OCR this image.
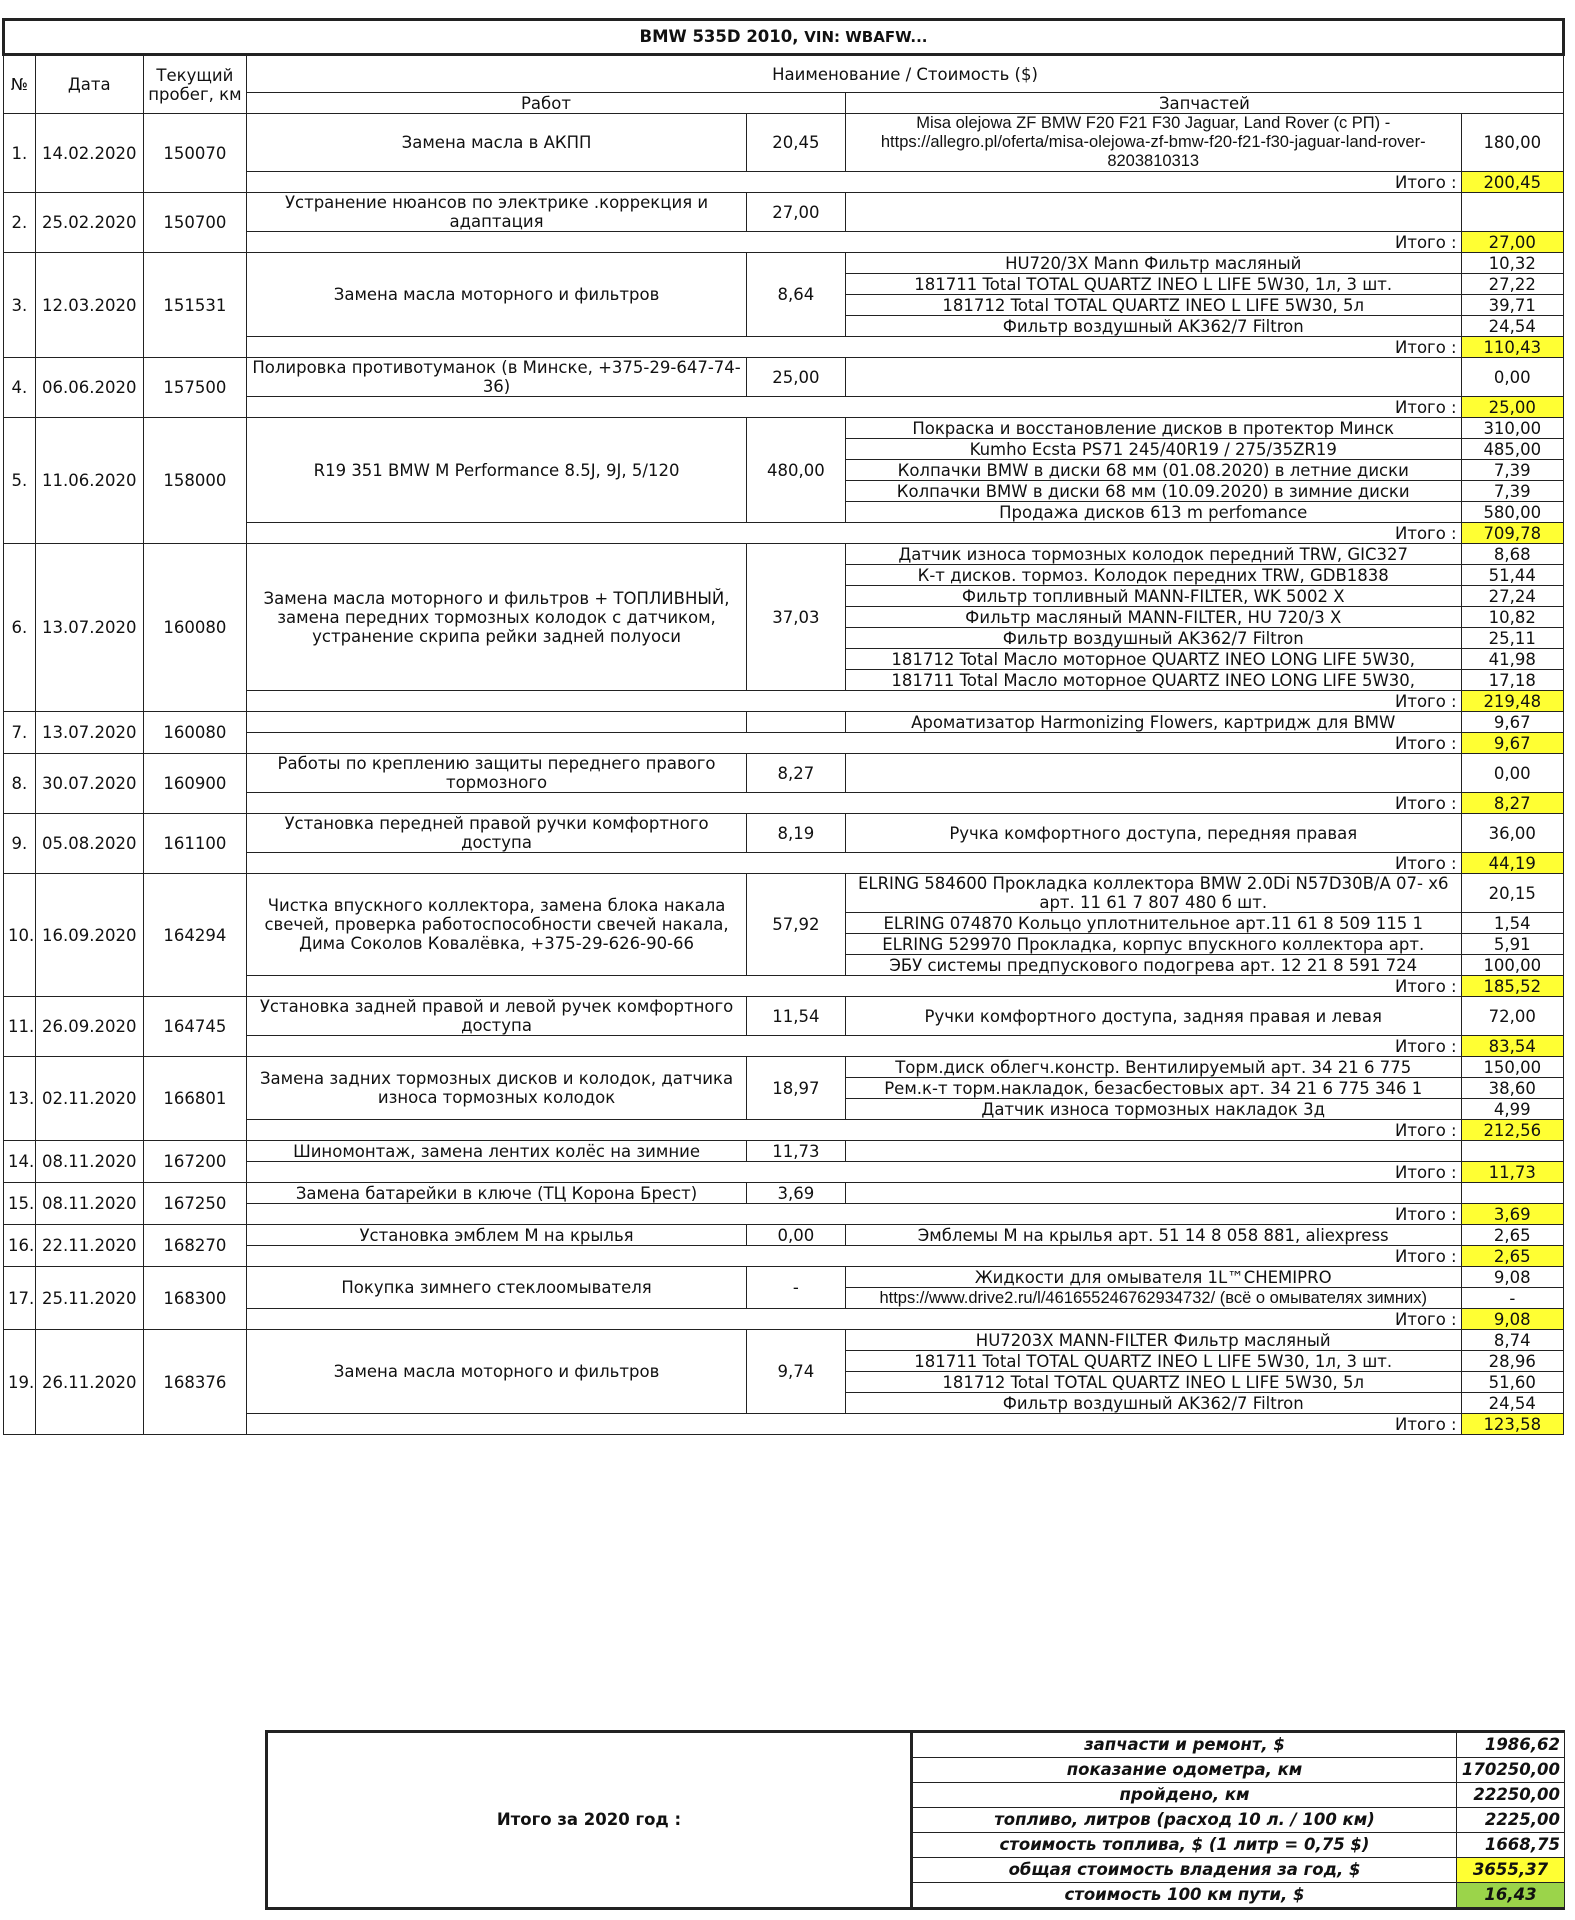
BMW 535D 2010, VIN: WBAFW...						
№	Дата	Текущий пробег, км	Наименование / Стоимость ($)			
			Работ		Запчастей	
1.	14.02.2020	150070	Замена масла в АКПП	20,45	Misa olejowa ZF BMW F20 F21 F30 Jaguar, Land Rover (с РП) - https://allegro.pl/oferta/misa-olejowa-zf-bmw-f20-f21-f30-jaguar-land-rover-8203810313	180,00
			Итого :			200,45
2.	25.02.2020	150700	Устранение нюансов по электрике .коррекция и адаптация	27,00		
			Итого :			27,00
3.	12.03.2020	151531	Замена масла моторного и фильтров	8,64	HU720/3X Mann Фильтр масляный	10,32
					181711 Total TOTAL QUARTZ INEO L LIFE 5W30, 1л, 3 шт.	27,22
					181712 Total TOTAL QUARTZ INEO L LIFE 5W30, 5л	39,71
					Фильтр воздушный AK362/7 Filtron	24,54
			Итого :			110,43
4.	06.06.2020	157500	Полировка противотуманок (в Минске, +375-29-647-74-36)	25,00		0,00
			Итого :			25,00
5.	11.06.2020	158000	R19 351 BMW M Performance 8.5J, 9J, 5/120	480,00	Покраска и восстановление дисков в протектор Минск	310,00
					Kumho Ecsta PS71 245/40R19 / 275/35ZR19	485,00
					Колпачки BMW в диски 68 мм (01.08.2020) в летние диски	7,39
					Колпачки BMW в диски 68 мм (10.09.2020) в зимние диски	7,39
					Продажа дисков 613 m perfomance	580,00
			Итого :			709,78
6.	13.07.2020	160080	Замена масла моторного и фильтров + ТОПЛИВНЫЙ, замена передних тормозных колодок с датчиком, устранение скрипа рейки задней полуоси	37,03	Датчик износа тормозных колодок передний TRW, GIC327	8,68
					К-т дисков. тормоз. Колодок передних TRW, GDB1838	51,44
					Фильтр топливный MANN-FILTER, WK 5002 X	27,24
					Фильтр масляный MANN-FILTER, HU 720/3 X	10,82
					Фильтр воздушный AK362/7 Filtron	25,11
					181712 Total Масло моторное QUARTZ INEO LONG LIFE 5W30,	41,98
					181711 Total Масло моторное QUARTZ INEO LONG LIFE 5W30,	17,18
			Итого :			219,48
7.	13.07.2020	160080			Ароматизатор Harmonizing Flowers, картридж для BMW	9,67
			Итого :			9,67
8.	30.07.2020	160900	Работы по креплению защиты переднего правого тормозного	8,27		0,00
			Итого :			8,27
9.	05.08.2020	161100	Установка передней правой ручки комфортного доступа	8,19	Ручка комфортного доступа, передняя правая	36,00
			Итого :			44,19
10.	16.09.2020	164294	Чистка впускного коллектора, замена блока накала свечей, проверка работоспособности свечей накала, Дима Соколов Ковалёвка, +375-29-626-90-66	57,92	ELRING 584600 Прокладка коллектора BMW 2.0Di N57D30B/A 07- x6 арт. 11 61 7 807 480 б шт.	20,15
					ELRING 074870 Кольцо уплотнительное арт.11 61 8 509 115 1	1,54
					ELRING 529970 Прокладка, корпус впускного коллектора арт.	5,91
					ЭБУ системы предпускового подогрева арт. 12 21 8 591 724	100,00
			Итого :			185,52
11.	26.09.2020	164745	Установка задней правой и левой ручек комфортного доступа	11,54	Ручки комфортного доступа, задняя правая и левая	72,00
			Итого :			83,54
13.	02.11.2020	166801	Замена задних тормозных дисков и колодок, датчика износа тормозных колодок	18,97	Торм.диск облегч.констр. Вентилируемый арт. 34 21 6 775	150,00
					Рем.к-т торм.накладок, безасбестовых арт. 34 21 6 775 346 1	38,60
					Датчик износа тормозных накладок 3д	4,99
			Итого :			212,56
14.	08.11.2020	167200	Шиномонтаж, замена лентих колёс на зимние	11,73		
			Итого :			11,73
15.	08.11.2020	167250	Замена батарейки в ключе (ТЦ Корона Брест)	3,69		
			Итого :			3,69
16.	22.11.2020	168270	Установка эмблем М на крылья	0,00	Эмблемы М на крылья арт. 51 14 8 058 881, aliexpress	2,65
			Итого :			2,65
17.	25.11.2020	168300	Покупка зимнего стеклоомывателя	-	Жидкости для омывателя 1L™CHEMIPRO	9,08
					https://www.drive2.ru/l/461655246762934732/ (всё о омывателях зимних)	-
			Итого :			9,08
19.	26.11.2020	168376	Замена масла моторного и фильтров	9,74	HU7203X MANN-FILTER Фильтр масляный	8,74
					181711 Total TOTAL QUARTZ INEO L LIFE 5W30, 1л, 3 шт.	28,96
					181712 Total TOTAL QUARTZ INEO L LIFE 5W30, 5л	51,60
					Фильтр воздушный AK362/7 Filtron	24,54
			Итого :			123,58
Итого за 2020 год :	запчасти и ремонт, $	1986,62
	показание одометра, км	170250,00
	пройдено, км	22250,00
	топливо, литров (расход 10 л. / 100 км)	2225,00
	стоимость топлива, $ (1 литр = 0,75 $)	1668,75
	общая стоимость владения за год, $	3655,37
	стоимость 100 км пути, $	16,43
